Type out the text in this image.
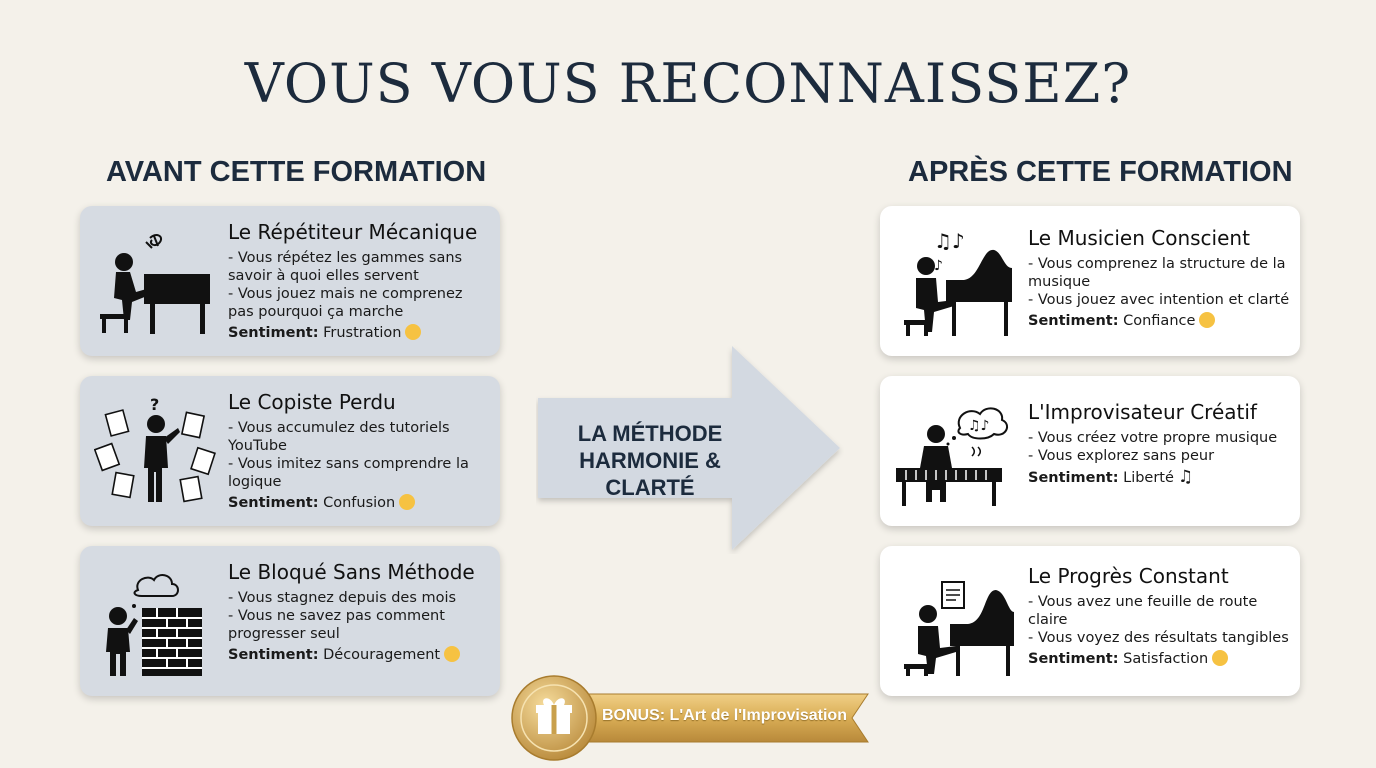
VOUS VOUS RECONNAISSEZ?
AVANT CETTE FORMATION	APRÈS CETTE FORMATION
Le Répétiteur Mécanique
- Vous répétez les gammes sans savoir à quoi elles servent
- Vous jouez mais ne comprenez pas pourquoi ça marche
Sentiment: Frustration
?	Le Copiste Perdu
- Vous accumulez des tutoriels YouTube
- Vous imitez sans comprendre la logique
Sentiment: Confusion
Le Bloqué Sans Méthode
- Vous stagnez depuis des mois
- Vous ne savez pas comment progresser seul
Sentiment: Découragement
LA MÉTHODE
HARMONIE & CLARTÉ
♫♪
♪
Le Musicien Conscient
- Vous comprenez la structure de la musique
- Vous jouez avec intention et clarté
Sentiment: Confiance
♫♪
L'Improvisateur Créatif
- Vous créez votre propre musique
- Vous explorez sans peur
Sentiment: Liberté ♫
Le Progrès Constant
- Vous avez une feuille de route claire
- Vous voyez des résultats tangibles
Sentiment: Satisfaction
BONUS: L'Art de l'Improvisation
